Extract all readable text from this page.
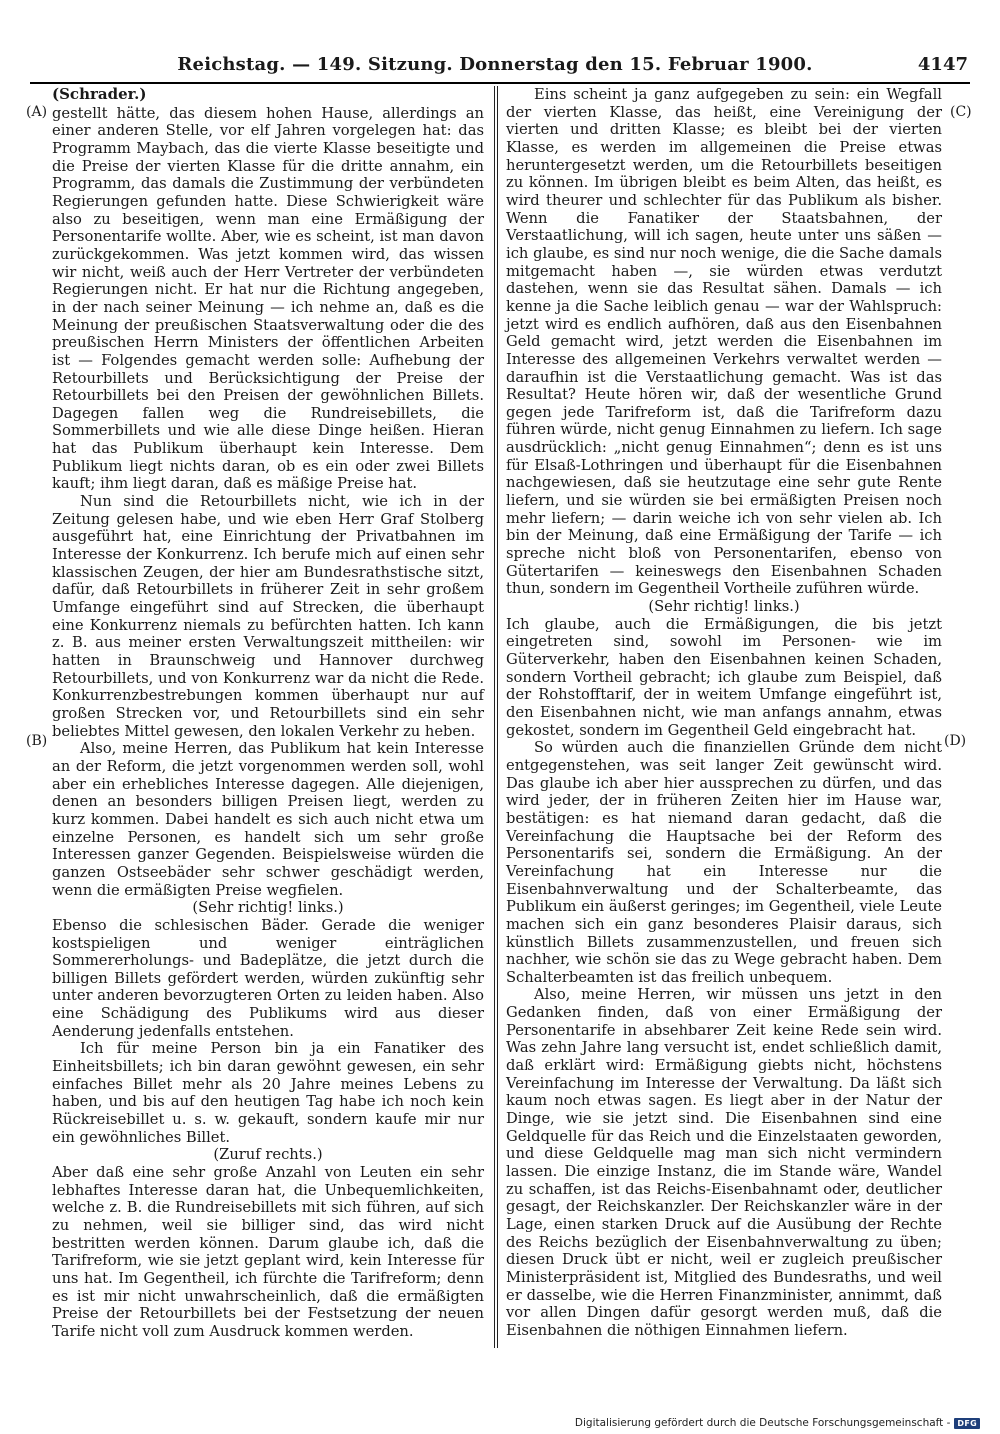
Reichstag. — 149. Sitzung. Donnerstag den 15. Februar 1900.	4147
(A)
(B)
(C)
(D)

(Schrader.)

gestellt hätte, das diesem hohen Hause, allerdings an einer anderen Stelle, vor elf Jahren vorgelegen hat: das Programm Maybach, das die vierte Klasse beseitigte und die Preise der vierten Klasse für die dritte annahm, ein Programm, das damals die Zustimmung der verbündeten Regierungen gefunden hatte. Diese Schwierigkeit wäre also zu beseitigen, wenn man eine Ermäßigung der Personentarife wollte. Aber, wie es scheint, ist man davon zurückgekommen. Was jetzt kommen wird, das wissen wir nicht, weiß auch der Herr Vertreter der verbündeten Regierungen nicht. Er hat nur die Richtung angegeben, in der nach seiner Meinung — ich nehme an, daß es die Meinung der preußischen Staatsverwaltung oder die des preußischen Herrn Ministers der öffentlichen Arbeiten ist — Folgendes gemacht werden solle: Aufhebung der Retourbillets und Berücksichtigung der Preise der Retourbillets bei den Preisen der gewöhnlichen Billets. Dagegen fallen weg die Rundreisebillets, die Sommerbillets und wie alle diese Dinge heißen. Hieran hat das Publikum überhaupt kein Interesse. Dem Publikum liegt nichts daran, ob es ein oder zwei Billets kauft; ihm liegt daran, daß es mäßige Preise hat.

Nun sind die Retourbillets nicht, wie ich in der Zeitung gelesen habe, und wie eben Herr Graf Stolberg ausgeführt hat, eine Einrichtung der Privatbahnen im Interesse der Konkurrenz. Ich berufe mich auf einen sehr klassischen Zeugen, der hier am Bundesrathstische sitzt, dafür, daß Retourbillets in früherer Zeit in sehr großem Umfange eingeführt sind auf Strecken, die überhaupt eine Konkurrenz niemals zu befürchten hatten. Ich kann z. B. aus meiner ersten Verwaltungszeit mittheilen: wir hatten in Braunschweig und Hannover durchweg Retourbillets, und von Konkurrenz war da nicht die Rede. Konkurrenzbestrebungen kommen überhaupt nur auf großen Strecken vor, und Retourbillets sind ein sehr beliebtes Mittel gewesen, den lokalen Verkehr zu heben.

Also, meine Herren, das Publikum hat kein Interesse an der Reform, die jetzt vorgenommen werden soll, wohl aber ein erhebliches Interesse dagegen. Alle diejenigen, denen an besonders billigen Preisen liegt, werden zu kurz kommen. Dabei handelt es sich auch nicht etwa um einzelne Personen, es handelt sich um sehr große Interessen ganzer Gegenden. Beispielsweise würden die ganzen Ostseebäder sehr schwer geschädigt werden, wenn die ermäßigten Preise wegfielen.

(Sehr richtig! links.)

Ebenso die schlesischen Bäder. Gerade die weniger kostspieligen und weniger einträglichen Sommererholungs- und Badeplätze, die jetzt durch die billigen Billets gefördert werden, würden zukünftig sehr unter anderen bevorzugteren Orten zu leiden haben. Also eine Schädigung des Publikums wird aus dieser Aenderung jedenfalls entstehen.

Ich für meine Person bin ja ein Fanatiker des Einheitsbillets; ich bin daran gewöhnt gewesen, ein sehr einfaches Billet mehr als 20 Jahre meines Lebens zu haben, und bis auf den heutigen Tag habe ich noch kein Rückreisebillet u. s. w. gekauft, sondern kaufe mir nur ein gewöhnliches Billet.

(Zuruf rechts.)

Aber daß eine sehr große Anzahl von Leuten ein sehr lebhaftes Interesse daran hat, die Unbequemlichkeiten, welche z. B. die Rundreisebillets mit sich führen, auf sich zu nehmen, weil sie billiger sind, das wird nicht bestritten werden können. Darum glaube ich, daß die Tarifreform, wie sie jetzt geplant wird, kein Interesse für uns hat. Im Gegentheil, ich fürchte die Tarifreform; denn es ist mir nicht unwahrscheinlich, daß die ermäßigten Preise der Retourbillets bei der Festsetzung der neuen Tarife nicht voll zum Ausdruck kommen werden.

Eins scheint ja ganz aufgegeben zu sein: ein Wegfall der vierten Klasse, das heißt, eine Vereinigung der vierten und dritten Klasse; es bleibt bei der vierten Klasse, es werden im allgemeinen die Preise etwas heruntergesetzt werden, um die Retourbillets beseitigen zu können. Im übrigen bleibt es beim Alten, das heißt, es wird theurer und schlechter für das Publikum als bisher. Wenn die Fanatiker der Staatsbahnen, der Verstaatlichung, will ich sagen, heute unter uns säßen — ich glaube, es sind nur noch wenige, die die Sache damals mitgemacht haben —, sie würden etwas verdutzt dastehen, wenn sie das Resultat sähen. Damals — ich kenne ja die Sache leiblich genau — war der Wahlspruch: jetzt wird es endlich aufhören, daß aus den Eisenbahnen Geld gemacht wird, jetzt werden die Eisenbahnen im Interesse des allgemeinen Verkehrs verwaltet werden — daraufhin ist die Verstaatlichung gemacht. Was ist das Resultat? Heute hören wir, daß der wesentliche Grund gegen jede Tarifreform ist, daß die Tarifreform dazu führen würde, nicht genug Einnahmen zu liefern. Ich sage ausdrücklich: „nicht genug Einnahmen“; denn es ist uns für Elsaß-Lothringen und überhaupt für die Eisenbahnen nachgewiesen, daß sie heutzutage eine sehr gute Rente liefern, und sie würden sie bei ermäßigten Preisen noch mehr liefern; — darin weiche ich von sehr vielen ab. Ich bin der Meinung, daß eine Ermäßigung der Tarife — ich spreche nicht bloß von Personentarifen, ebenso von Gütertarifen — keineswegs den Eisenbahnen Schaden thun, sondern im Gegentheil Vortheile zuführen würde.

(Sehr richtig! links.)

Ich glaube, auch die Ermäßigungen, die bis jetzt eingetreten sind, sowohl im Personen- wie im Güterverkehr, haben den Eisenbahnen keinen Schaden, sondern Vortheil gebracht; ich glaube zum Beispiel, daß der Rohstofftarif, der in weitem Umfange eingeführt ist, den Eisenbahnen nicht, wie man anfangs annahm, etwas gekostet, sondern im Gegentheil Geld eingebracht hat.

So würden auch die finanziellen Gründe dem nicht entgegenstehen, was seit langer Zeit gewünscht wird. Das glaube ich aber hier aussprechen zu dürfen, und das wird jeder, der in früheren Zeiten hier im Hause war, bestätigen: es hat niemand daran gedacht, daß die Vereinfachung die Hauptsache bei der Reform des Personentarifs sei, sondern die Ermäßigung. An der Vereinfachung hat ein Interesse nur die Eisenbahnverwaltung und der Schalterbeamte, das Publikum ein äußerst geringes; im Gegentheil, viele Leute machen sich ein ganz besonderes Plaisir daraus, sich künstlich Billets zusammenzustellen, und freuen sich nachher, wie schön sie das zu Wege gebracht haben. Dem Schalterbeamten ist das freilich unbequem.

Also, meine Herren, wir müssen uns jetzt in den Gedanken finden, daß von einer Ermäßigung der Personentarife in absehbarer Zeit keine Rede sein wird. Was zehn Jahre lang versucht ist, endet schließlich damit, daß erklärt wird: Ermäßigung giebts nicht, höchstens Vereinfachung im Interesse der Verwaltung. Da läßt sich kaum noch etwas sagen. Es liegt aber in der Natur der Dinge, wie sie jetzt sind. Die Eisenbahnen sind eine Geldquelle für das Reich und die Einzelstaaten geworden, und diese Geldquelle mag man sich nicht vermindern lassen. Die einzige Instanz, die im Stande wäre, Wandel zu schaffen, ist das Reichs-Eisenbahnamt oder, deutlicher gesagt, der Reichskanzler. Der Reichskanzler wäre in der Lage, einen starken Druck auf die Ausübung der Rechte des Reichs bezüglich der Eisenbahnverwaltung zu üben; diesen Druck übt er nicht, weil er zugleich preußischer Ministerpräsident ist, Mitglied des Bundesraths, und weil er dasselbe, wie die Herren Finanzminister, annimmt, daß vor allen Dingen dafür gesorgt werden muß, daß die Eisenbahnen die nöthigen Einnahmen liefern.

Digitalisierung gefördert durch die Deutsche Forschungsgemeinschaft - DFG
